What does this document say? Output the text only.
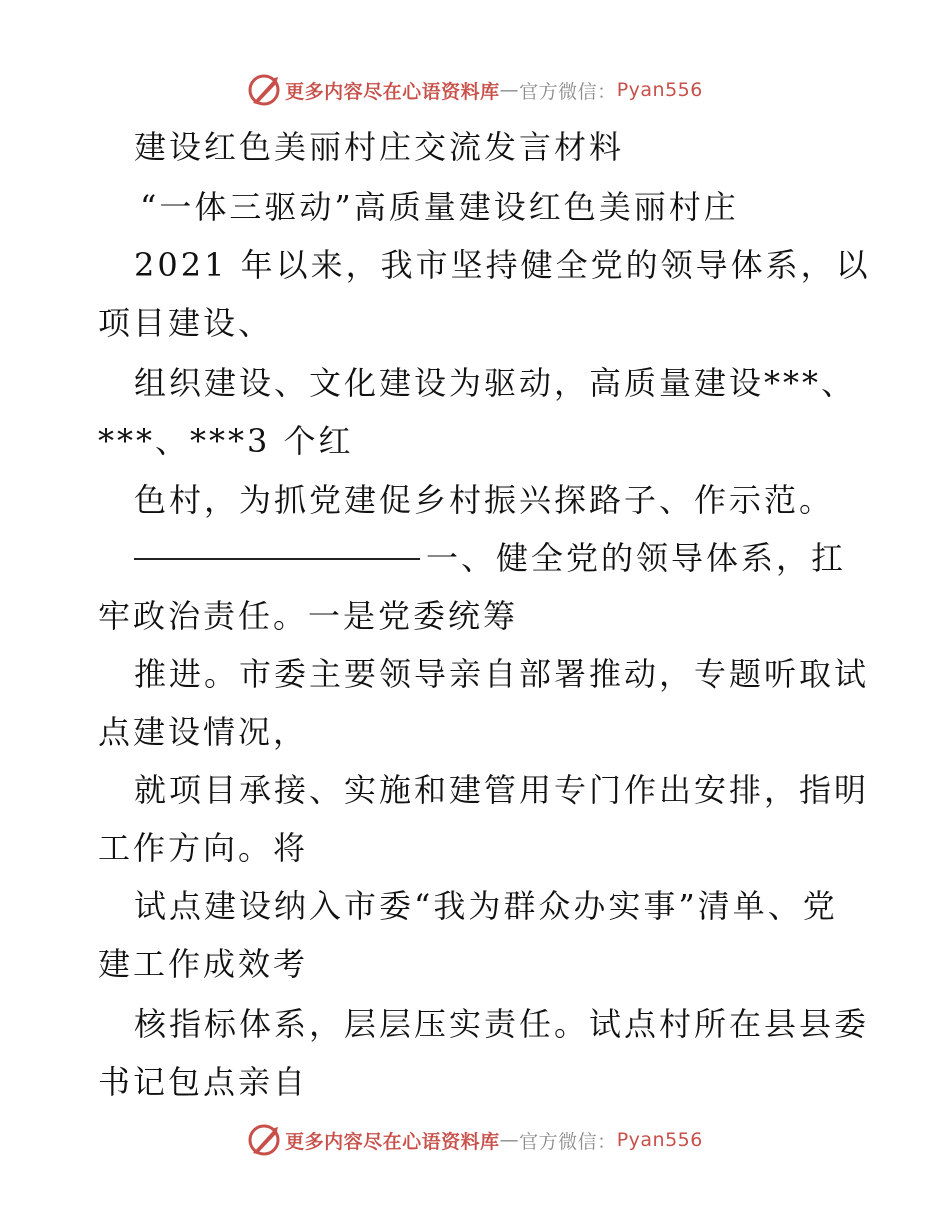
更多内容尽在心语资料库 — 官方微信 ： Pyan556
建设红色美丽村庄交流发言材料
“一体三驱动”高质量建设红色美丽村庄
2021 年以来，我市坚持健全党的领导体系，以
项目建设、
组织建设、文化建设为驱动，高质量建设***、
***、***3 个红
色村，为抓党建促乡村振兴探路子、作示范。
一、健全党的领导体系，扛
牢政治责任。一是党委统筹
推进。市委主要领导亲自部署推动，专题听取试
点建设情况，
就项目承接、实施和建管用专门作出安排，指明
工作方向。将
试点建设纳入市委“我为群众办实事”清单、党
建工作成效考
核指标体系，层层压实责任。试点村所在县县委
书记包点亲自
更多内容尽在心语资料库 — 官方微信 ： Pyan556
